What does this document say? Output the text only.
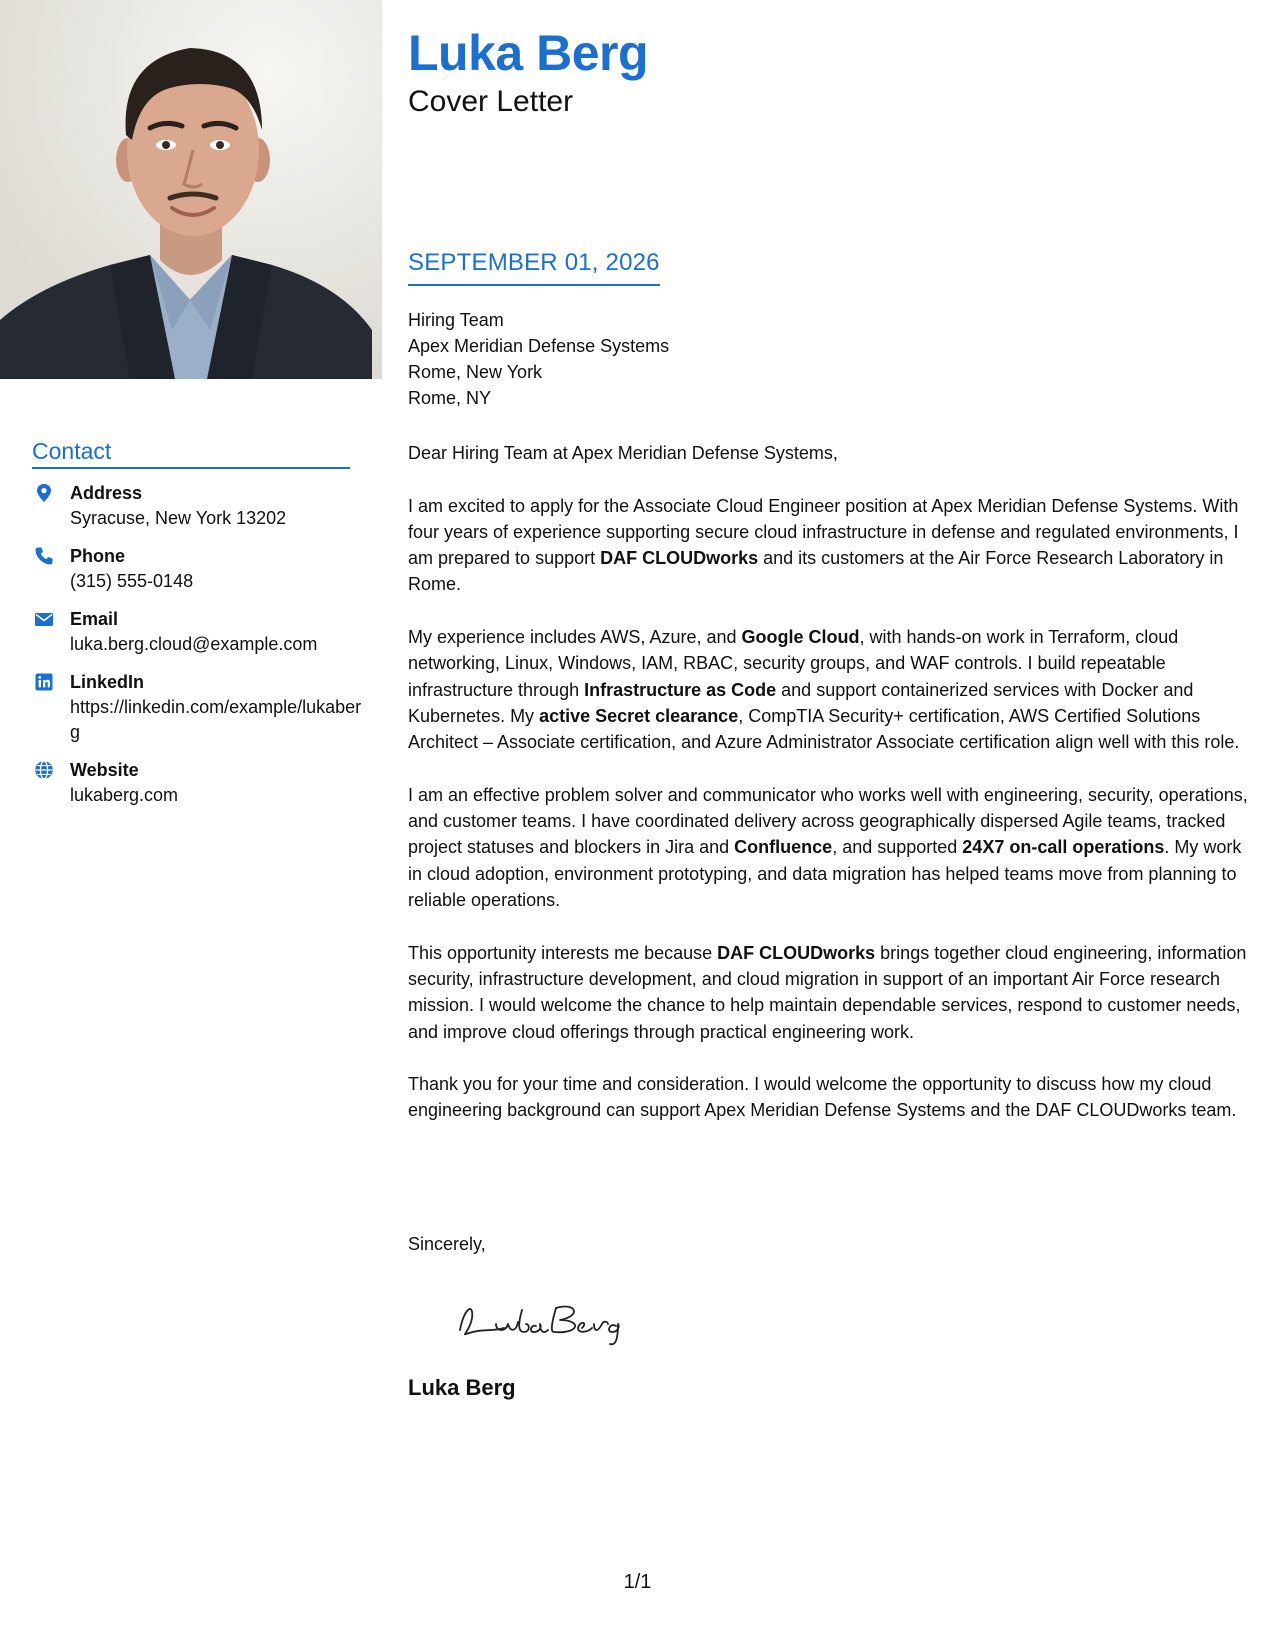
Luka Berg
Cover Letter
SEPTEMBER 01, 2026
Hiring Team
Apex Meridian Defense Systems
Rome, New York
Rome, NY

Dear Hiring Team at Apex Meridian Defense Systems,

I am excited to apply for the Associate Cloud Engineer position at Apex Meridian Defense Systems. With four years of experience supporting secure cloud infrastructure in defense and regulated environments, I am prepared to support DAF CLOUDworks and its customers at the Air Force Research Laboratory in Rome.

My experience includes AWS, Azure, and Google Cloud, with hands-on work in Terraform, cloud networking, Linux, Windows, IAM, RBAC, security groups, and WAF controls. I build repeatable infrastructure through Infrastructure as Code and support containerized services with Docker and Kubernetes. My active Secret clearance, CompTIA Security+ certification, AWS Certified Solutions Architect – Associate certification, and Azure Administrator Associate certification align well with this role.

I am an effective problem solver and communicator who works well with engineering, security, operations, and customer teams. I have coordinated delivery across geographically dispersed Agile teams, tracked project statuses and blockers in Jira and Confluence, and supported 24X7 on-call operations. My work in cloud adoption, environment prototyping, and data migration has helped teams move from planning to reliable operations.

This opportunity interests me because DAF CLOUDworks brings together cloud engineering, information security, infrastructure development, and cloud migration in support of an important Air Force research mission. I would welcome the chance to help maintain dependable services, respond to customer needs, and improve cloud offerings through practical engineering work.

Thank you for your time and consideration. I would welcome the opportunity to discuss how my cloud engineering background can support Apex Meridian Defense Systems and the DAF CLOUDworks team.

Sincerely,
Luka Berg
Contact
Address
Syracuse, New York 13202
Phone
(315) 555-0148
Email
luka.berg.cloud@example.com
LinkedIn
https://linkedin.com/example/lukaberg
Website
lukaberg.com
1/1
